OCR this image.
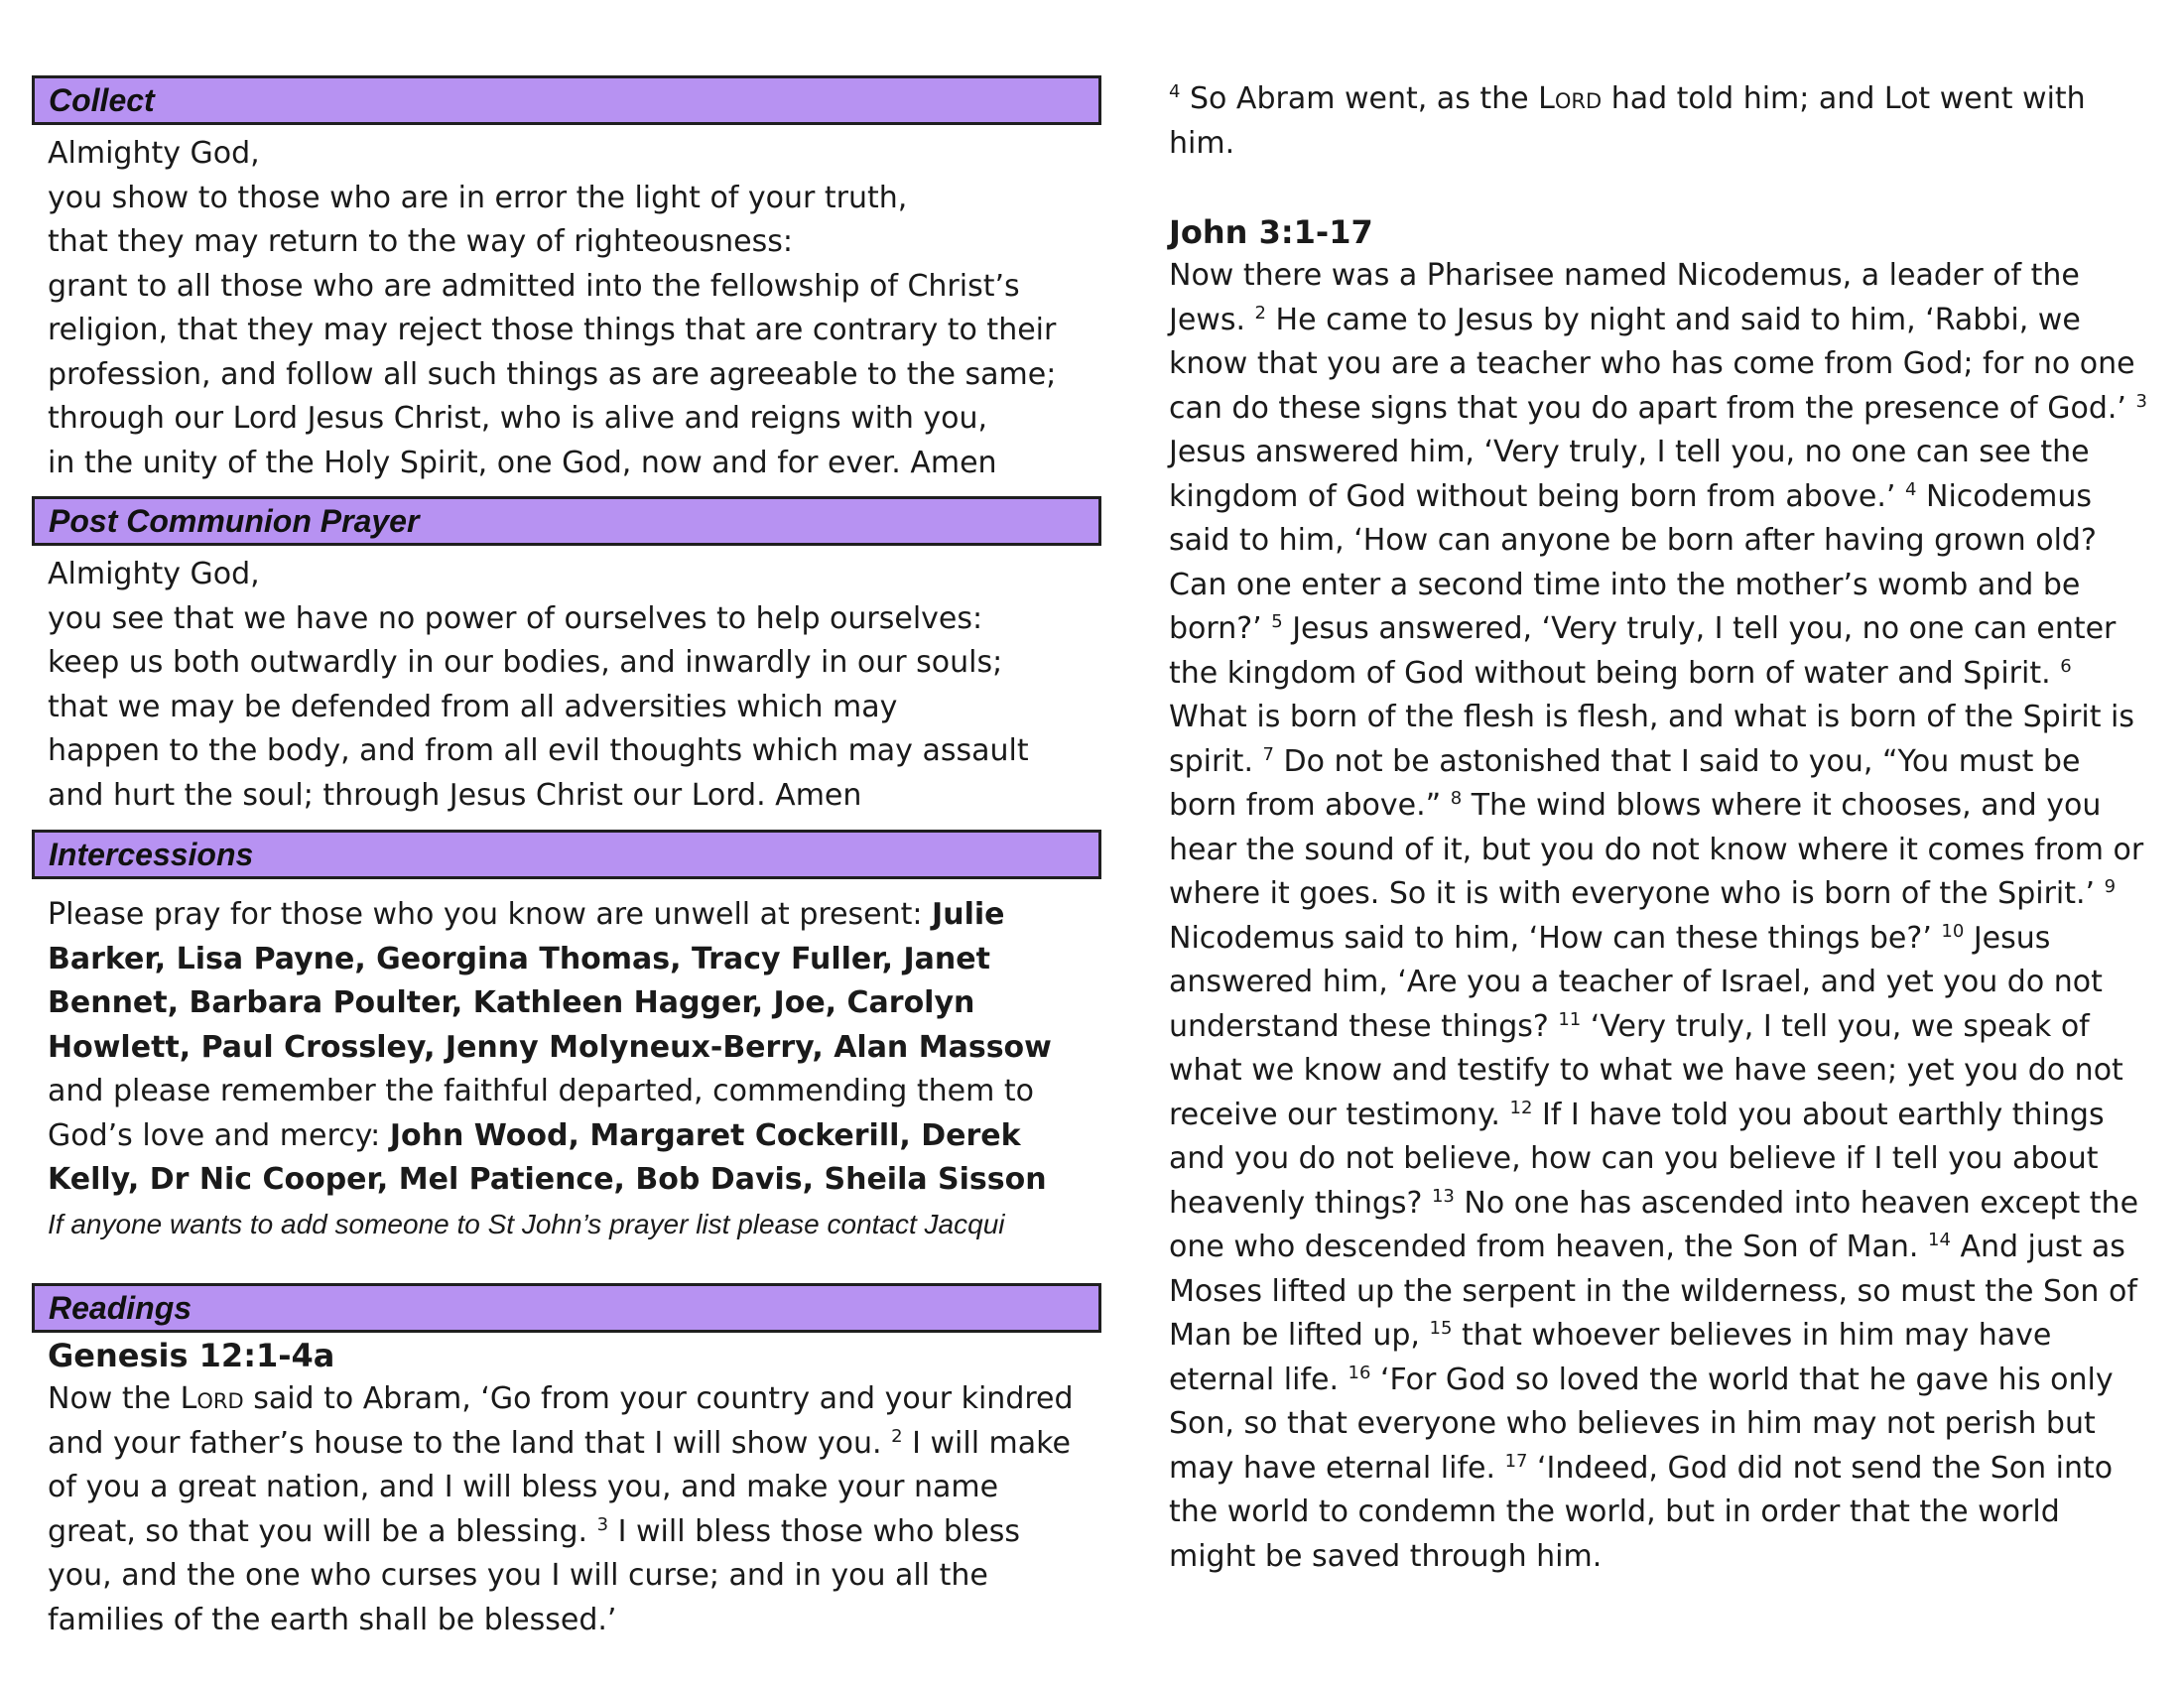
Collect

Almighty God,

you show to those who are in error the light of your truth,

that they may return to the way of righteousness:

grant to all those who are admitted into the fellowship of Christ’s

religion, that they may reject those things that are contrary to their

profession, and follow all such things as are agreeable to the same;

through our Lord Jesus Christ, who is alive and reigns with you,

in the unity of the Holy Spirit, one God, now and for ever. Amen

Post Communion Prayer

Almighty God,

you see that we have no power of ourselves to help ourselves:

keep us both outwardly in our bodies, and inwardly in our souls;

that we may be defended from all adversities which may

happen to the body, and from all evil thoughts which may assault

and hurt the soul; through Jesus Christ our Lord. Amen

Intercessions

Please pray for those who you know are unwell at present: Julie Barker, Lisa Payne, Georgina Thomas, Tracy Fuller, Janet Bennet, Barbara Poulter, Kathleen Hagger, Joe, Carolyn Howlett, Paul Crossley, Jenny Molyneux-Berry, Alan Massow

and please remember the faithful departed, commending them to God’s love and mercy: John Wood, Margaret Cockerill, Derek Kelly, Dr Nic Cooper, Mel Patience, Bob Davis, Sheila Sisson

If anyone wants to add someone to St John’s prayer list please contact Jacqui

Readings
Genesis 12:1-4a

Now the Lord said to Abram, ‘Go from your country and your kindred and your father’s house to the land that I will show you. $^2$ I will make of you a great nation, and I will bless you, and make your name great, so that you will be a blessing. $^3$ I will bless those who bless you, and the one who curses you I will curse; and in you all the families of the earth shall be blessed.’

$^4$ So Abram went, as the Lord had told him; and Lot went with him.

John 3:1-17

Now there was a Pharisee named Nicodemus, a leader of the Jews. $^2$ He came to Jesus by night and said to him, ‘Rabbi, we know that you are a teacher who has come from God; for no one can do these signs that you do apart from the presence of God.’ $^3$ Jesus answered him, ‘Very truly, I tell you, no one can see the kingdom of God without being born from above.’ $^4$ Nicodemus said to him, ‘How can anyone be born after having grown old? Can one enter a second time into the mother’s womb and be born?’ $^5$ Jesus answered, ‘Very truly, I tell you, no one can enter the kingdom of God without being born of water and Spirit. $^6$ What is born of the flesh is flesh, and what is born of the Spirit is spirit. $^7$ Do not be astonished that I said to you, “You must be born from above.” $^8$ The wind blows where it chooses, and you hear the sound of it, but you do not know where it comes from or where it goes. So it is with everyone who is born of the Spirit.’ $^9$ Nicodemus said to him, ‘How can these things be?’ $^{10}$ Jesus answered him, ‘Are you a teacher of Israel, and yet you do not understand these things? $^{11}$ ‘Very truly, I tell you, we speak of what we know and testify to what we have seen; yet you do not receive our testimony. $^{12}$ If I have told you about earthly things and you do not believe, how can you believe if I tell you about heavenly things? $^{13}$ No one has ascended into heaven except the one who descended from heaven, the Son of Man. $^{14}$ And just as Moses lifted up the serpent in the wilderness, so must the Son of Man be lifted up, $^{15}$ that whoever believes in him may have eternal life. $^{16}$ ‘For God so loved the world that he gave his only Son, so that everyone who believes in him may not perish but may have eternal life. $^{17}$ ‘Indeed, God did not send the Son into the world to condemn the world, but in order that the world might be saved through him.
